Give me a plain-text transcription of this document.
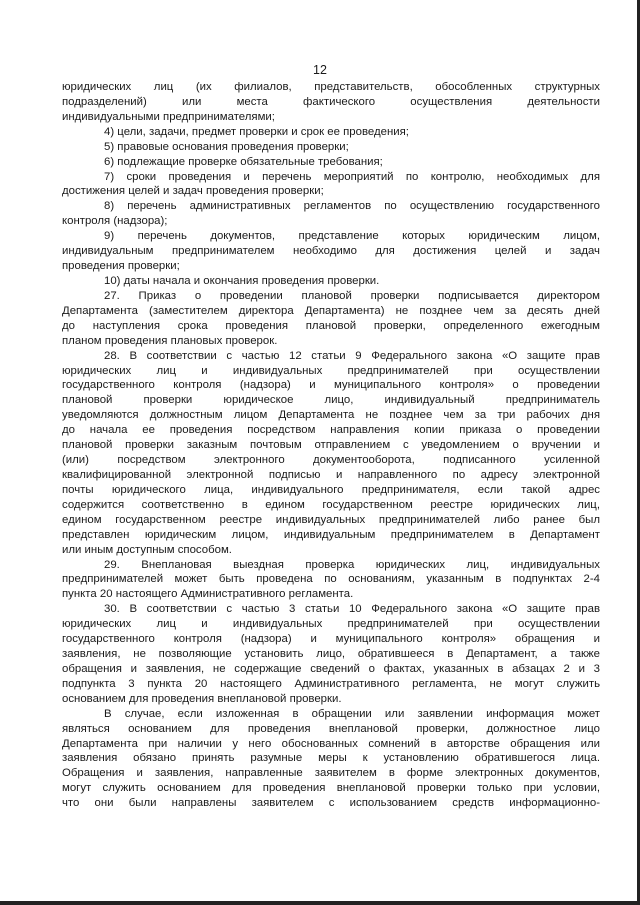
12
юридических лиц (их филиалов, представительств, обособленных структурных
подразделений) или места фактического осуществления деятельности
индивидуальными предпринимателями;
4) цели, задачи, предмет проверки и срок ее проведения;
5) правовые основания проведения проверки;
6) подлежащие проверке обязательные требования;
7) сроки проведения и перечень мероприятий по контролю, необходимых для
достижения целей и задач проведения проверки;
8) перечень административных регламентов по осуществлению государственного
контроля (надзора);
9) перечень документов, представление которых юридическим лицом,
индивидуальным предпринимателем необходимо для достижения целей и задач
проведения проверки;
10) даты начала и окончания проведения проверки.
27. Приказ о проведении плановой проверки подписывается директором
Департамента (заместителем директора Департамента) не позднее чем за десять дней
до наступления срока проведения плановой проверки, определенного ежегодным
планом проведения плановых проверок.
28. В соответствии с частью 12 статьи 9 Федерального закона «О защите прав
юридических лиц и индивидуальных предпринимателей при осуществлении
государственного контроля (надзора) и муниципального контроля» о проведении
плановой проверки юридическое лицо, индивидуальный предприниматель
уведомляются должностным лицом Департамента не позднее чем за три рабочих дня
до начала ее проведения посредством направления копии приказа о проведении
плановой проверки заказным почтовым отправлением с уведомлением о вручении и
(или) посредством электронного документооборота, подписанного усиленной
квалифицированной электронной подписью и направленного по адресу электронной
почты юридического лица, индивидуального предпринимателя, если такой адрес
содержится соответственно в едином государственном реестре юридических лиц,
едином государственном реестре индивидуальных предпринимателей либо ранее был
представлен юридическим лицом, индивидуальным предпринимателем в Департамент
или иным доступным способом.
29. Внеплановая выездная проверка юридических лиц, индивидуальных
предпринимателей может быть проведена по основаниям, указанным в подпунктах 2-4
пункта 20 настоящего Административного регламента.
30. В соответствии с частью 3 статьи 10 Федерального закона «О защите прав
юридических лиц и индивидуальных предпринимателей при осуществлении
государственного контроля (надзора) и муниципального контроля» обращения и
заявления, не позволяющие установить лицо, обратившееся в Департамент, а также
обращения и заявления, не содержащие сведений о фактах, указанных в абзацах 2 и 3
подпункта 3 пункта 20 настоящего Административного регламента, не могут служить
основанием для проведения внеплановой проверки.
В случае, если изложенная в обращении или заявлении информация может
являться основанием для проведения внеплановой проверки, должностное лицо
Департамента при наличии у него обоснованных сомнений в авторстве обращения или
заявления обязано принять разумные меры к установлению обратившегося лица.
Обращения и заявления, направленные заявителем в форме электронных документов,
могут служить основанием для проведения внеплановой проверки только при условии,
что они были направлены заявителем с использованием средств информационно-
